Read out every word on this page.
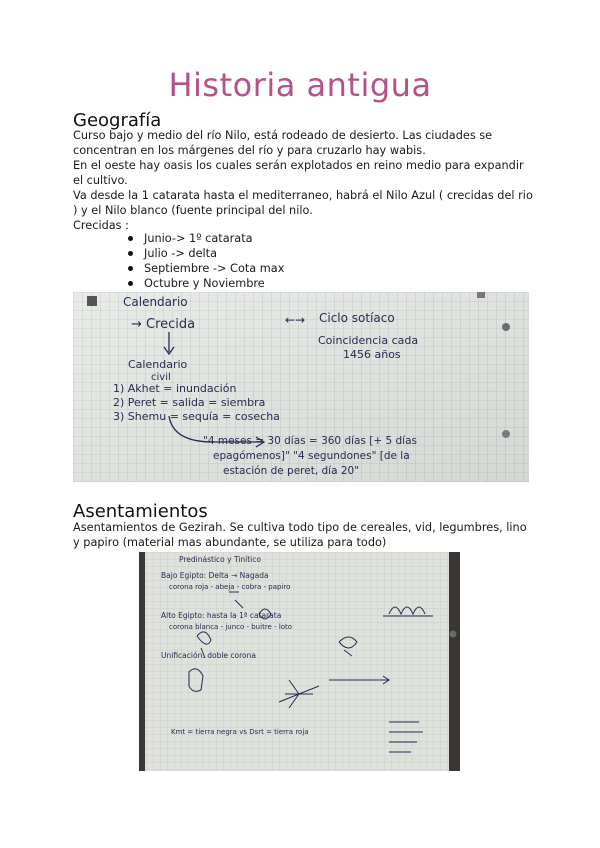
Historia antigua
Geografía

Curso bajo y medio del río Nilo, está rodeado de desierto. Las ciudades se concentran en los márgenes del río y para cruzarlo hay wabis.

En el oeste hay oasis los cuales serán explotados en reino medio para expandir el cultivo.

Va desde la 1 catarata hasta el mediterraneo, habrá el Nilo Azul ( crecidas del rio ) y el Nilo blanco (fuente principal del nilo.

Crecidas :

Junio-> 1º catarata
Julio -> delta
Septiembre -> Cota max
Octubre y Noviembre
Calendario
→ Crecida	←→ Ciclo sotíaco
Coincidencia cada
1456 años
Calendario
civil
1) Akhet = inundación
2) Peret = salida = siembra
3) Shemu = sequía = cosecha
"4 meses = 30 días = 360 días [+ 5 días
epagómenos]" "4 segundones" [de la
estación de peret, día 20"
Asentamientos

Asentamientos de Gezirah. Se cultiva todo tipo de cereales, vid, legumbres, lino y papiro (material mas abundante, se utiliza para todo)

Predinástico y Tinítico
Bajo Egipto: Delta → Nagada
corona roja - abeja - cobra - papiro
Alto Egipto: hasta la 1ª catarata
corona blanca - junco - buitre - loto
Unificación: doble corona
Kmt = tierra negra vs Dsrt = tierra roja
